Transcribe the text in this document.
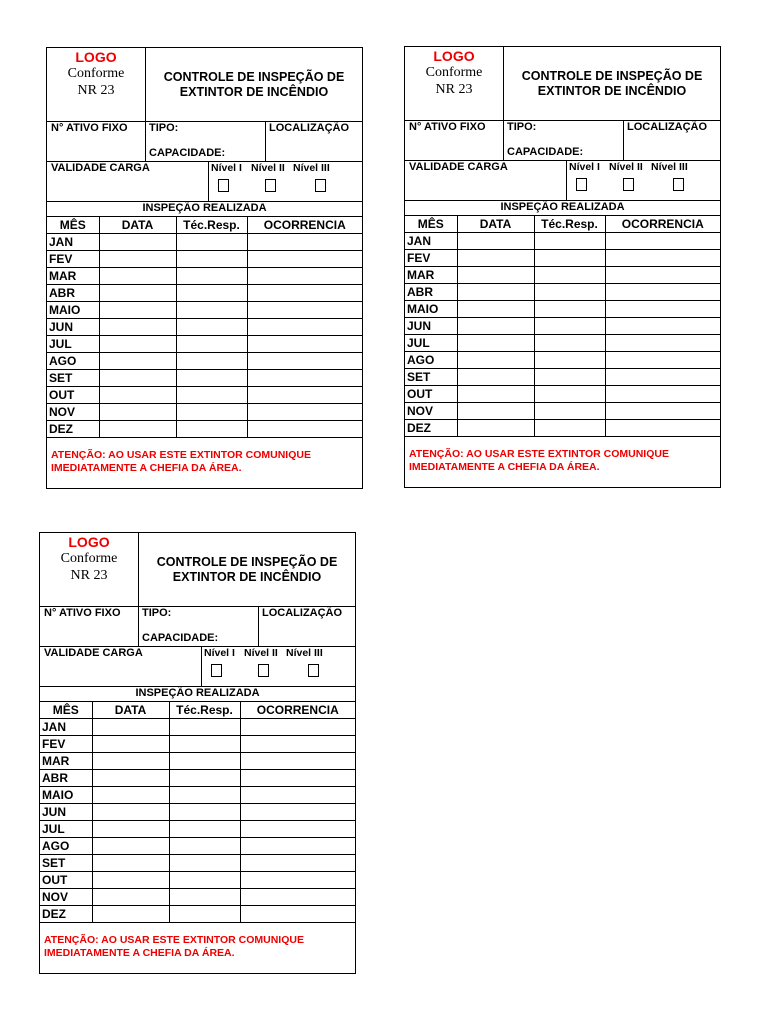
LOGO
Conforme
NR 23
CONTROLE DE INSPEÇÃO DE
EXTINTOR DE INCÊNDIO
N° ATIVO FIXO TIPO:
CAPACIDADE:
LOCALIZAÇÃO
VALIDADE CARGA	Nível I Nível II Nível III
INSPEÇÃO REALIZADA
MÊS	DATA	Téc.Resp.	OCORRENCIA
JAN			
FEV			
MAR			
ABR			
MAIO			
JUN			
JUL			
AGO			
SET			
OUT			
NOV			
DEZ			
ATENÇÃO: AO USAR ESTE EXTINTOR COMUNIQUE
IMEDIATAMENTE A CHEFIA DA ÁREA.
LOGO
Conforme
NR 23
CONTROLE DE INSPEÇÃO DE
EXTINTOR DE INCÊNDIO
N° ATIVO FIXO TIPO:
CAPACIDADE:
LOCALIZAÇÃO
VALIDADE CARGA	Nível I Nível II Nível III
INSPEÇÃO REALIZADA
MÊS	DATA	Téc.Resp.	OCORRENCIA
JAN			
FEV			
MAR			
ABR			
MAIO			
JUN			
JUL			
AGO			
SET			
OUT			
NOV			
DEZ			
ATENÇÃO: AO USAR ESTE EXTINTOR COMUNIQUE
IMEDIATAMENTE A CHEFIA DA ÁREA.
LOGO
Conforme
NR 23
CONTROLE DE INSPEÇÃO DE
EXTINTOR DE INCÊNDIO
N° ATIVO FIXO TIPO:
CAPACIDADE:
LOCALIZAÇÃO
VALIDADE CARGA	Nível I Nível II Nível III
INSPEÇÃO REALIZADA
MÊS	DATA	Téc.Resp.	OCORRENCIA
JAN			
FEV			
MAR			
ABR			
MAIO			
JUN			
JUL			
AGO			
SET			
OUT			
NOV			
DEZ			
ATENÇÃO: AO USAR ESTE EXTINTOR COMUNIQUE
IMEDIATAMENTE A CHEFIA DA ÁREA.
